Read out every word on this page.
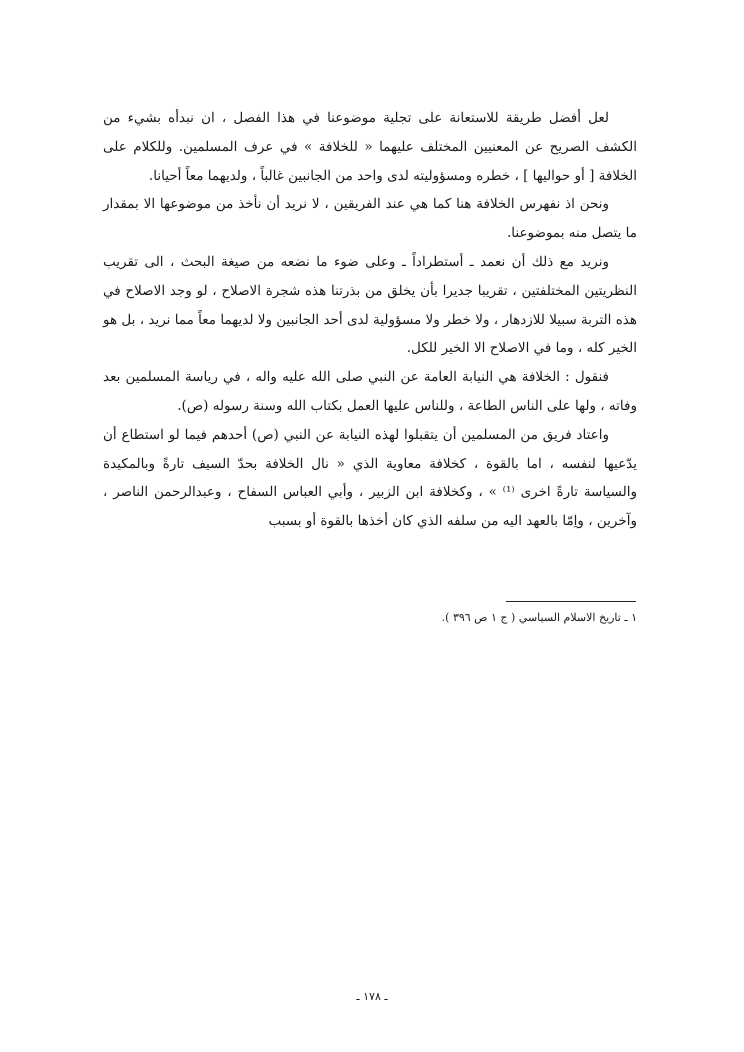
لعل أفضل طريقة للاستعانة على تجلية موضوعنا في هذا الفصل ، ان نبدأه بشيء من الكشف الصريح عن المعنيين المختلف عليهما « للخلافة » في عرف المسلمين. وللكلام على الخلافة [ أو حواليها ] ، خطره ومسؤوليته لدى واحد من الجانبين غالباً ، ولديهما معاً أحيانا.

ونحن اذ نفهرس الخلافة هنا كما هي عند الفريقين ، لا نريد أن نأخذ من موضوعها الا بمقدار ما يتصل منه بموضوعنا.

ونريد مع ذلك أن نعمد ـ أستطراداً ـ وعلى ضوء ما نضعه من صيغة البحث ، الى تقريب النظريتين المختلفتين ، تقريبا جديرا بأن يخلق من بذرتنا هذه شجرة الاصلاح ، لو وجد الاصلاح في هذه التربة سبيلا للازدهار ، ولا خطر ولا مسؤولية لدى أحد الجانبين ولا لديهما معاً مما نريد ، بل هو الخير كله ، وما في الاصلاح الا الخير للكل.

فنقول : الخلافة هي النيابة العامة عن النبي صلى الله عليه واله ، في رياسة المسلمين بعد وفاته ، ولها على الناس الطاعة ، وللناس عليها العمل بكتاب الله وسنة رسوله (ص).

واعتاد فريق من المسلمين أن يتقبلوا لهذه النيابة عن النبي (ص) أحدهم فيما لو استطاع أن يدّعيها لنفسه ، اما بالقوة ، كخلافة معاوية الذي « نال الخلافة بحدّ السيف تارةً وبالمكيدة والسياسة تارةً اخرى ⁽¹⁾ » ، وكخلافة ابن الزبير ، وأبي العباس السفاح ، وعبدالرحمن الناصر ، وآخرين ، واِمّا بالعهد اليه من سلفه الذي كان أخذها بالقوة أو بسبب

١ ـ تاريخ الاسلام السياسي ( ج ١ ص ٣٩٦ ).
ـ ١٧٨ ـ
